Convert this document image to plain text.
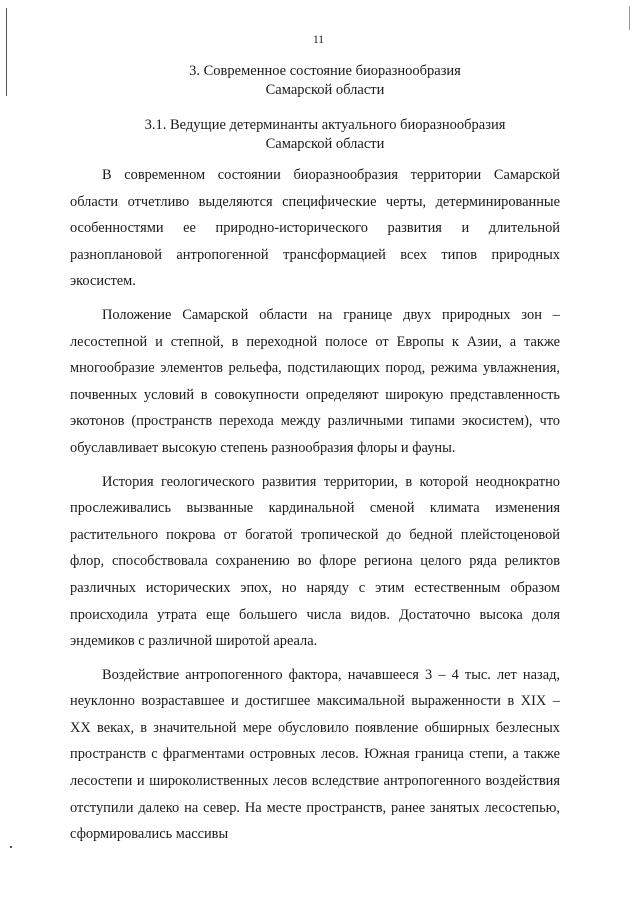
11
3. Современное состояние биоразнообразия
Самарской области
3.1. Ведущие детерминанты актуального биоразнообразия
Самарской области

В современном состоянии биоразнообразия территории Самарской области отчетливо выделяются специфические черты, детерминированные особенностями ее природно-исторического развития и длительной разноплановой антропогенной трансформацией всех типов природных экосистем.

Положение Самарской области на границе двух природных зон – лесостепной и степной, в переходной полосе от Европы к Азии, а также многообразие элементов рельефа, подстилающих пород, режима увлажнения, почвенных условий в совокупности определяют широкую представленность экотонов (пространств перехода между различными типами экосистем), что обуславливает высокую степень разнообразия флоры и фауны.

История геологического развития территории, в которой неоднократно прослеживались вызванные кардинальной сменой климата изменения растительного покрова от богатой тропической до бедной плейстоценовой флор, способствовала сохранению во флоре региона целого ряда реликтов различных исторических эпох, но наряду с этим естественным образом происходила утрата еще большего числа видов. Достаточно высока доля эндемиков с различной широтой ареала.

Воздействие антропогенного фактора, начавшееся 3 – 4 тыс. лет назад, неуклонно возраставшее и достигшее максимальной выраженности в XIX – XX веках, в значительной мере обусловило появление обширных безлесных пространств с фрагментами островных лесов. Южная граница степи, а также лесостепи и широколиственных лесов вследствие антропогенного воздействия отступили далеко на север. На месте пространств, ранее занятых лесостепью, сформировались массивы
